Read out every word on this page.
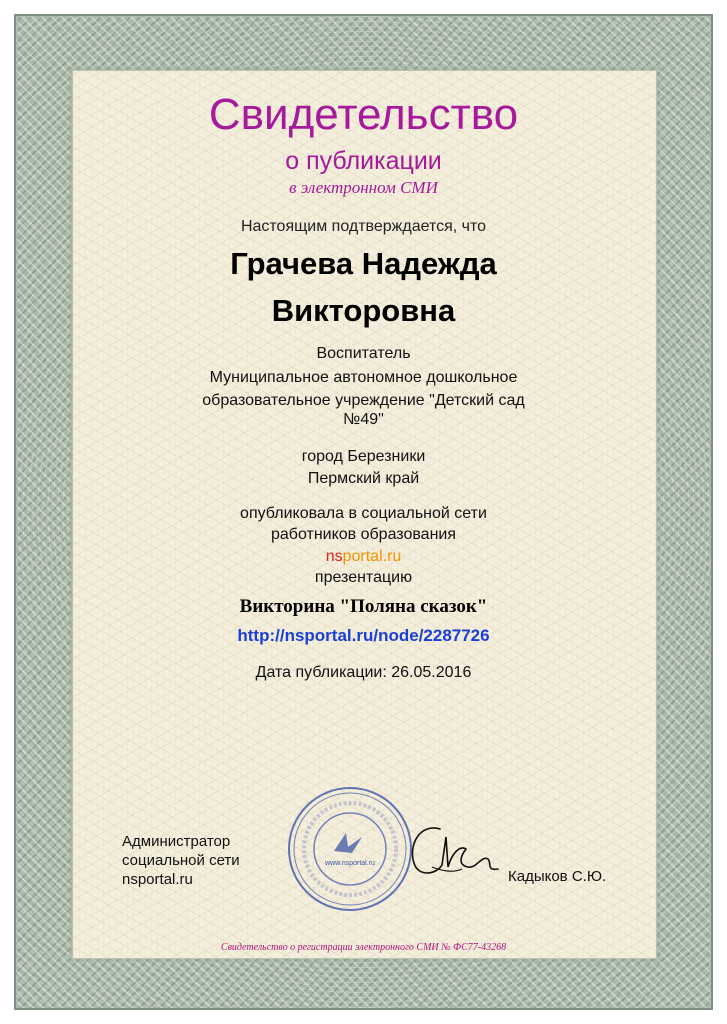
Свидетельство
о публикации
в электронном СМИ
Настоящим подтверждается, что
Грачева Надежда
Викторовна
Воспитатель
Муниципальное автономное дошкольное
образовательное учреждение "Детский сад
№49"
город Березники
Пермский край
опубликовала в социальной сети
работников образования
nsportal.ru
презентацию
Викторина "Поляна сказок"
http://nsportal.ru/node/2287726
Дата публикации: 26.05.2016
Администратор
социальной сети
nsportal.ru
www.nsportal.ru
Кадыков С.Ю.
Свидетельство о регистрации электронного СМИ № ФС77-43268
